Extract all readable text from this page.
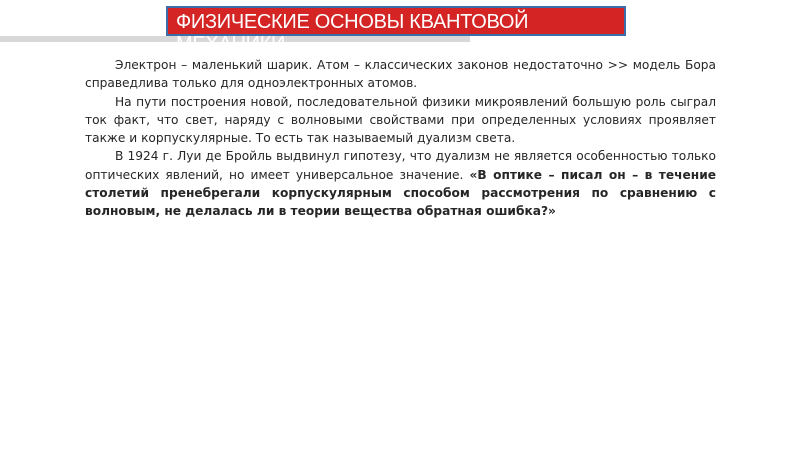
ФИЗИЧЕСКИЕ ОСНОВЫ КВАНТОВОЙ МЕХАНИКИ

Электрон – маленький шарик. Атом – классических законов недостаточно >> модель Бора справедлива только для одноэлектронных атомов.

На пути построения новой, последовательной физики микроявлений большую роль сыграл ток факт, что свет, наряду с волновыми свойствами при определенных условиях проявляет также и корпускулярные. То есть так называемый дуализм света.

В 1924 г. Луи де Бройль выдвинул гипотезу, что дуализм не является особенностью только оптических явлений, но имеет универсальное значение. «В оптике – писал он – в течение столетий пренебрегали корпускулярным способом рассмотрения по сравнению с волновым, не делалась ли в теории вещества обратная ошибка?»
